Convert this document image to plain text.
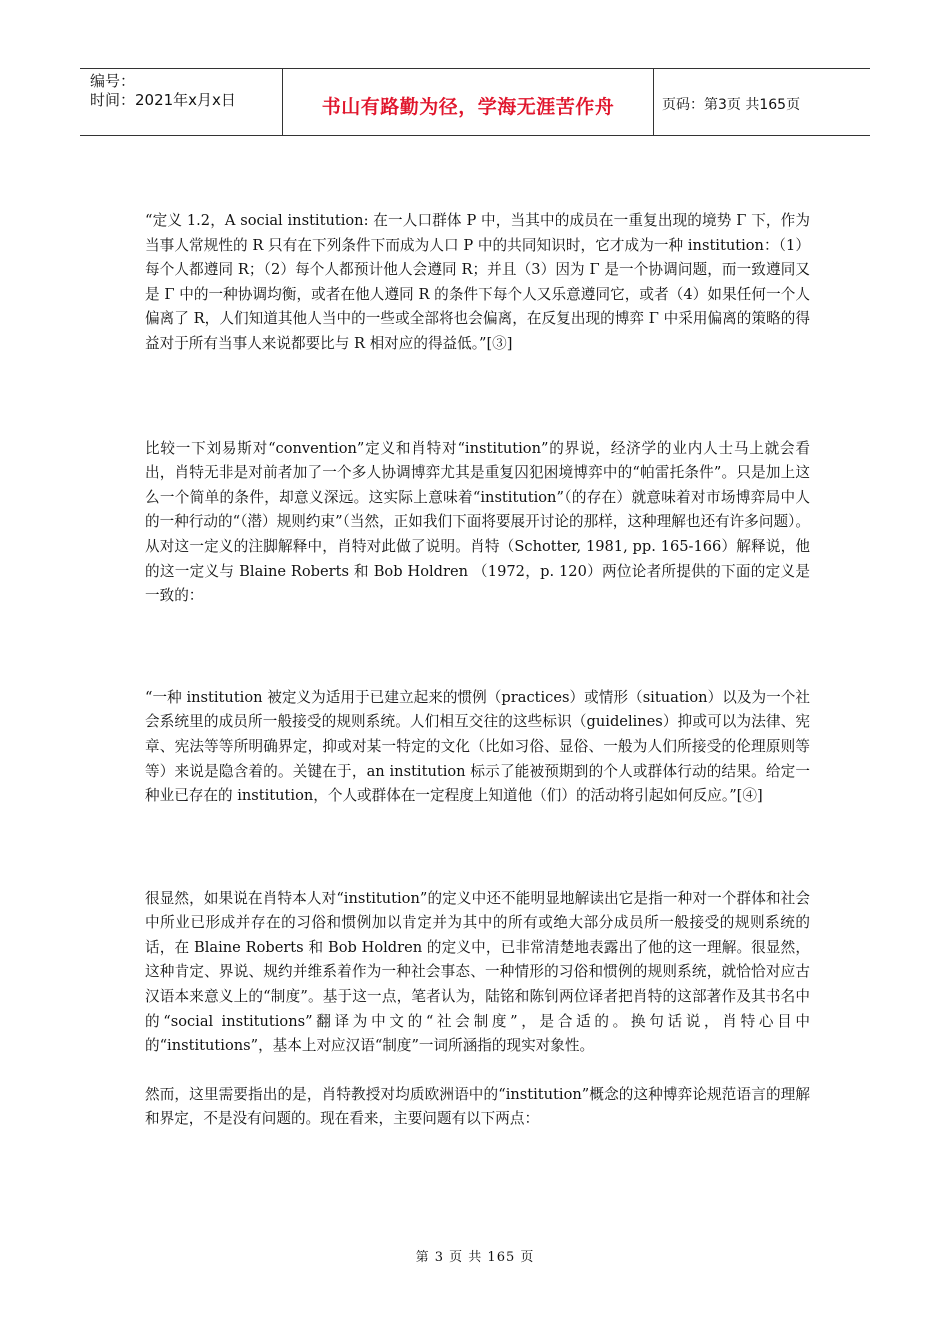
编号：
时间：2021年x月x日	书山有路勤为径，学海无涯苦作舟	页码：第3页 共165页

“定义 1.2，A social institution: 在一人口群体 P 中，当其中的成员在一重复出现的境势 Γ 下，作为当事人常规性的 R 只有在下列条件下而成为人口 P 中的共同知识时，它才成为一种 institution：（1）每个人都遵同 R；（2）每个人都预计他人会遵同 R；并且（3）因为 Γ 是一个协调问题，而一致遵同又是 Γ 中的一种协调均衡，或者在他人遵同 R 的条件下每个人又乐意遵同它，或者（4）如果任何一个人偏离了 R，人们知道其他人当中的一些或全部将也会偏离，在反复出现的博弈 Γ 中采用偏离的策略的得益对于所有当事人来说都要比与 R 相对应的得益低。”[③]

比较一下刘易斯对“convention”定义和肖特对“institution”的界说，经济学的业内人士马上就会看出，肖特无非是对前者加了一个多人协调博弈尤其是重复囚犯困境博弈中的“帕雷托条件”。只是加上这么一个简单的条件，却意义深远。这实际上意味着“institution”（的存在）就意味着对市场博弈局中人的一种行动的“（潜）规则约束”（当然，正如我们下面将要展开讨论的那样，这种理解也还有许多问题）。从对这一定义的注脚解释中，肖特对此做了说明。肖特（Schotter, 1981, pp. 165-166）解释说，他的这一定义与 Blaine Roberts 和 Bob Holdren （1972，p. 120）两位论者所提供的下面的定义是一致的：

“一种 institution 被定义为适用于已建立起来的惯例（practices）或情形（situation）以及为一个社会系统里的成员所一般接受的规则系统。人们相互交往的这些标识（guidelines）抑或可以为法律、宪章、宪法等等所明确界定，抑或对某一特定的文化（比如习俗、显俗、一般为人们所接受的伦理原则等等）来说是隐含着的。关键在于，an institution 标示了能被预期到的个人或群体行动的结果。给定一种业已存在的 institution，个人或群体在一定程度上知道他（们）的活动将引起如何反应。”[④]

很显然，如果说在肖特本人对“institution”的定义中还不能明显地解读出它是指一种对一个群体和社会中所业已形成并存在的习俗和惯例加以肯定并为其中的所有或绝大部分成员所一般接受的规则系统的话，在 Blaine Roberts 和 Bob Holdren 的定义中，已非常清楚地表露出了他的这一理解。很显然，这种肯定、界说、规约并维系着作为一种社会事态、一种情形的习俗和惯例的规则系统，就恰恰对应古汉语本来意义上的“制度”。基于这一点，笔者认为，陆铭和陈钊两位译者把肖特的这部著作及其书名中的“social institutions”翻译为中文的“社会制度”，是合适的。换句话说，肖特心目中的“institutions”，基本上对应汉语“制度”一词所涵指的现实对象性。

然而，这里需要指出的是，肖特教授对均质欧洲语中的“institution”概念的这种博弈论规范语言的理解和界定，不是没有问题的。现在看来，主要问题有以下两点：

第 3 页 共 165 页
